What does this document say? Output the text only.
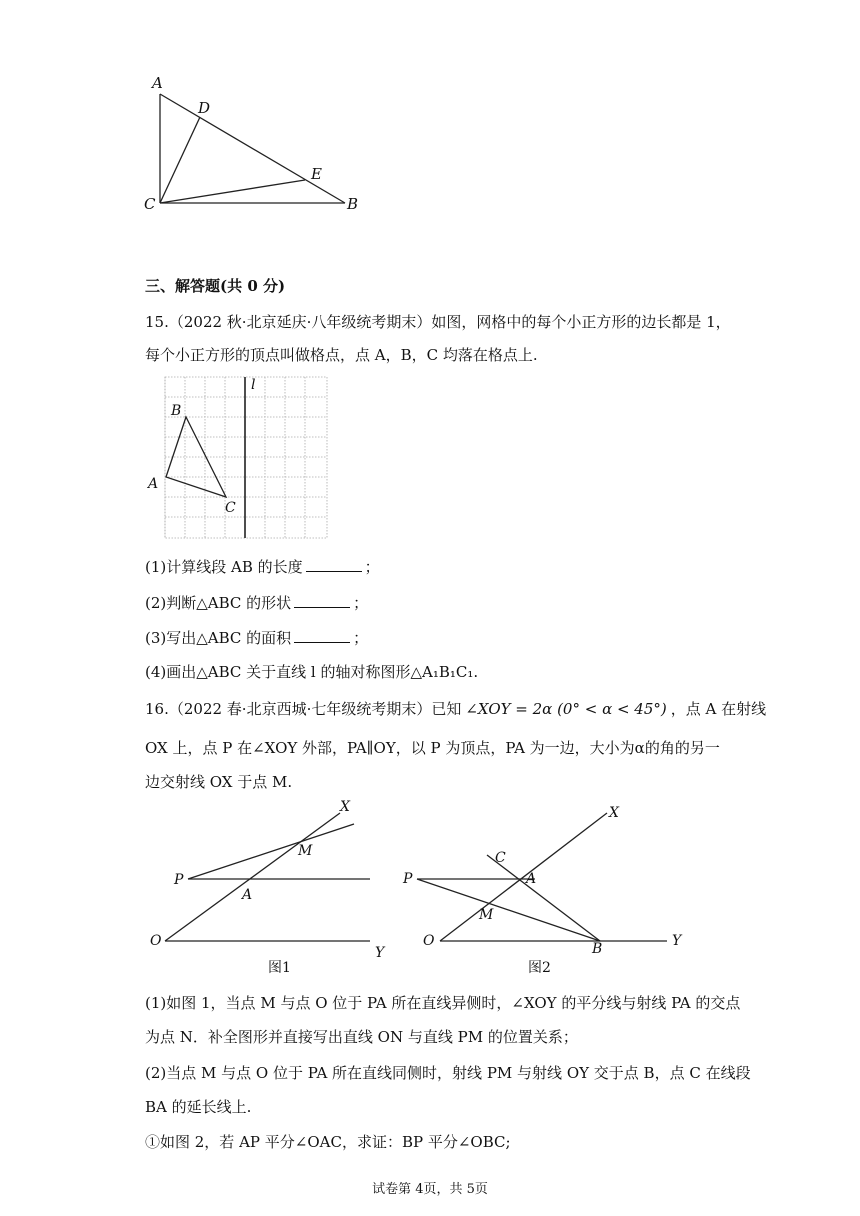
A
D
E
C	B
三、解答题(共 0 分)
15.（2022 秋·北京延庆·八年级统考期末）如图，网格中的每个小正方形的边长都是 1，
每个小正方形的顶点叫做格点，点 A，B，C 均落在格点上.
l
B
A
C
(1)计算线段 AB 的长度	；
(2)判断△ABC 的形状	；
(3)写出△ABC 的面积	；
(4)画出△ABC 关于直线 l 的轴对称图形△A₁B₁C₁.
16.（2022 春·北京西城·七年级统考期末）已知 ∠XOY = 2α (0° < α < 45°) ，点 A 在射线
OX 上，点 P 在∠XOY 外部，PA∥OY，以 P 为顶点，PA 为一边，大小为α的角的另一
边交射线 OX 于点 M.
X
M
P
A
O
Y
图1
X
C
A
P
M
O	B	Y
图2
(1)如图 1，当点 M 与点 O 位于 PA 所在直线异侧时，∠XOY 的平分线与射线 PA 的交点
为点 N．补全图形并直接写出直线 ON 与直线 PM 的位置关系；
(2)当点 M 与点 O 位于 PA 所在直线同侧时，射线 PM 与射线 OY 交于点 B，点 C 在线段
BA 的延长线上.
①如图 2，若 AP 平分∠OAC，求证：BP 平分∠OBC;
试卷第 4页，共 5页
